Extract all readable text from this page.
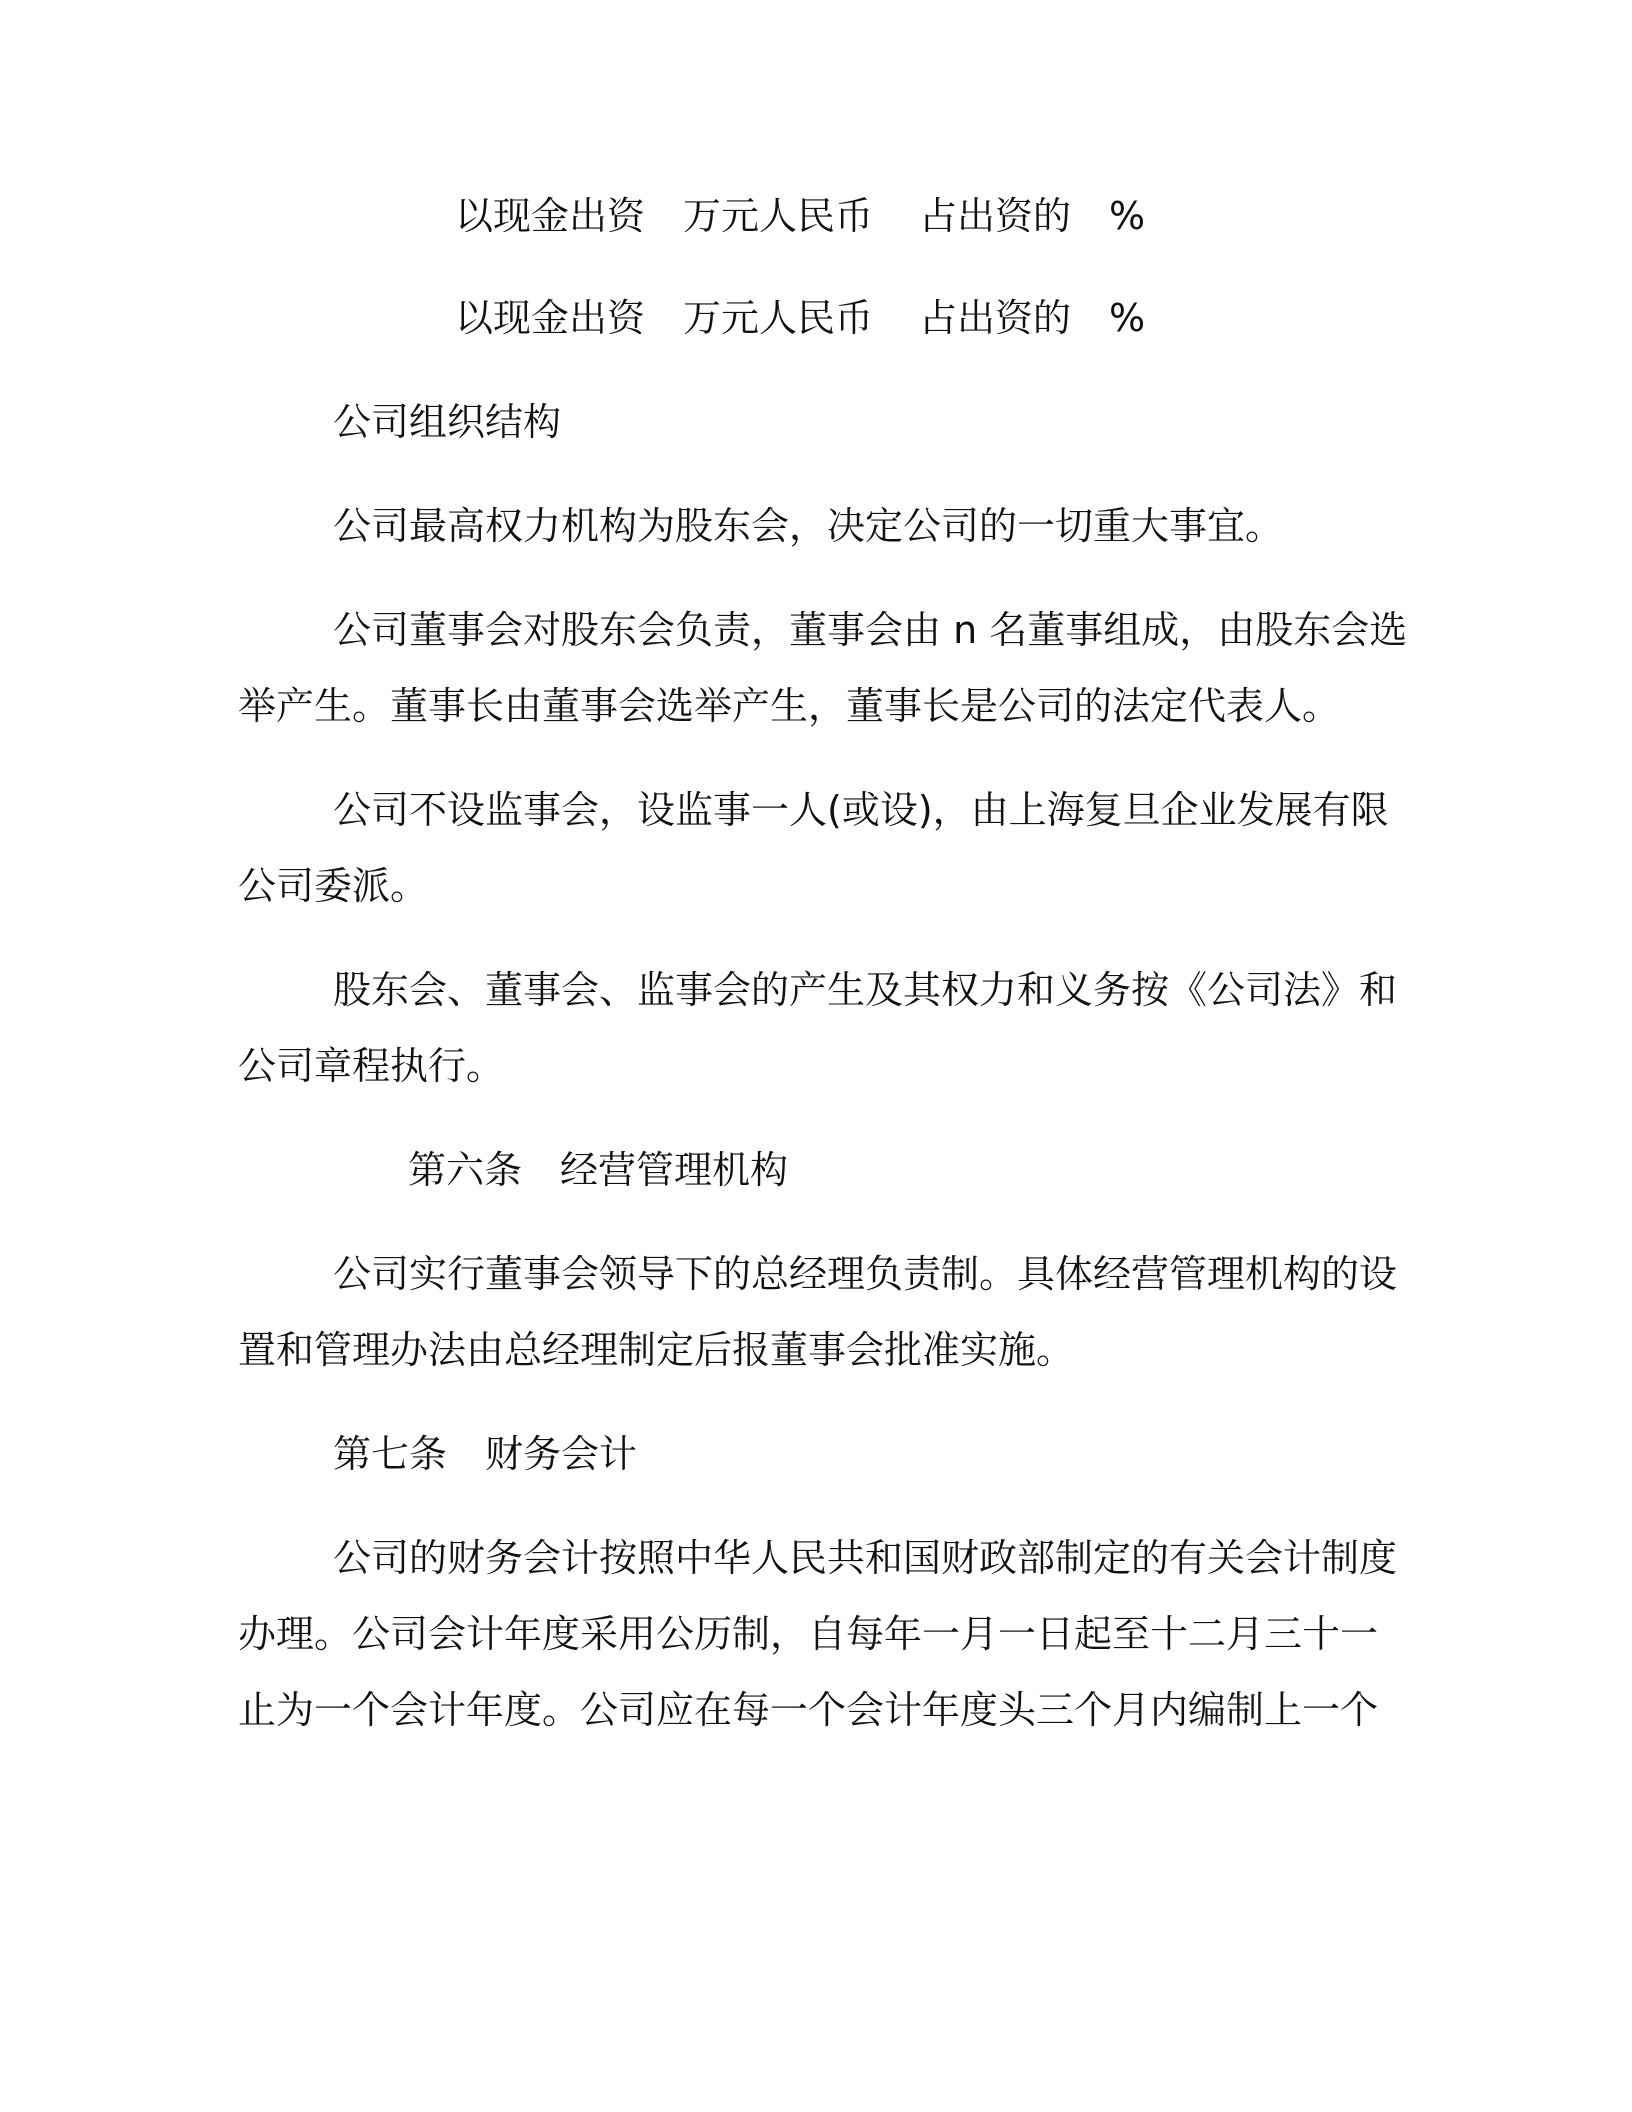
以现金出资 万元人民币 占出资的 %
以现金出资 万元人民币 占出资的 %
公司组织结构
公司最高权力机构为股东会，决定公司的一切重大事宜。
公司董事会对股东会负责，董事会由 n 名董事组成，由股东会选
举产生。董事长由董事会选举产生，董事长是公司的法定代表人。
公司不设监事会，设监事一人(或设)，由上海复旦企业发展有限
公司委派。
股东会、董事会、监事会的产生及其权力和义务按《公司法》和
公司章程执行。
第六条 经营管理机构
公司实行董事会领导下的总经理负责制。具体经营管理机构的设
置和管理办法由总经理制定后报董事会批准实施。
第七条 财务会计
公司的财务会计按照中华人民共和国财政部制定的有关会计制度
办理。公司会计年度采用公历制，自每年一月一日起至十二月三十一
止为一个会计年度。公司应在每一个会计年度头三个月内编制上一个
